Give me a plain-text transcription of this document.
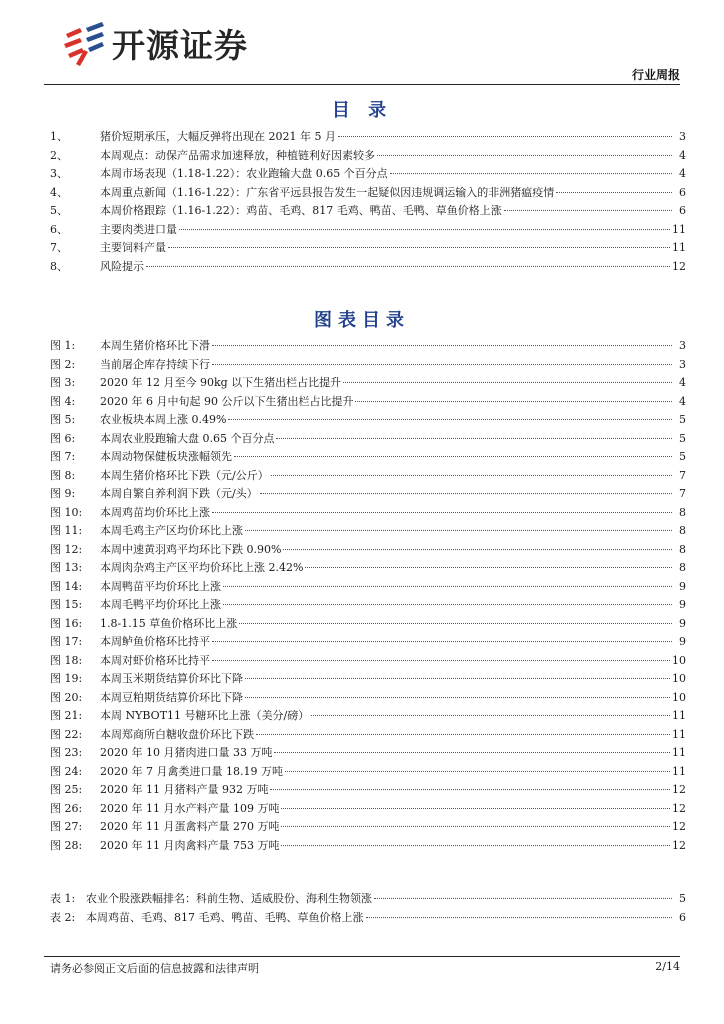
开源证券
行业周报
目 录
1、	猪价短期承压，大幅反弹将出现在 2021 年 5 月	3
2、	本周观点：动保产品需求加速释放，种植链利好因素较多	4
3、	本周市场表现（1.18-1.22）：农业跑输大盘 0.65 个百分点	4
4、	本周重点新闻（1.16-1.22）：广东省平远县报告发生一起疑似因违规调运输入的非洲猪瘟疫情	6
5、	本周价格跟踪（1.16-1.22）：鸡苗、毛鸡、817 毛鸡、鸭苗、毛鸭、草鱼价格上涨	6
6、	主要肉类进口量	11
7、	主要饲料产量	11
8、	风险提示	12
图表目录
图 1:	本周生猪价格环比下滑	3
图 2:	当前屠企库存持续下行	3
图 3:	2020 年 12 月至今 90kg 以下生猪出栏占比提升	4
图 4:	2020 年 6 月中旬起 90 公斤以下生猪出栏占比提升	4
图 5:	农业板块本周上涨 0.49%	5
图 6:	本周农业股跑输大盘 0.65 个百分点	5
图 7:	本周动物保健板块涨幅领先	5
图 8:	本周生猪价格环比下跌（元/公斤）	7
图 9:	本周自繁自养利润下跌（元/头）	7
图 10:	本周鸡苗均价环比上涨	8
图 11:	本周毛鸡主产区均价环比上涨	8
图 12:	本周中速黄羽鸡平均环比下跌 0.90%	8
图 13:	本周肉杂鸡主产区平均价环比上涨 2.42%	8
图 14:	本周鸭苗平均价环比上涨	9
图 15:	本周毛鸭平均价环比上涨	9
图 16:	1.8-1.15 草鱼价格环比上涨	9
图 17:	本周鲈鱼价格环比持平	9
图 18:	本周对虾价格环比持平	10
图 19:	本周玉米期货结算价环比下降	10
图 20:	本周豆粕期货结算价环比下降	10
图 21:	本周 NYBOT11 号糖环比上涨（美分/磅）	11
图 22:	本周郑商所白糖收盘价环比下跌	11
图 23:	2020 年 10 月猪肉进口量 33 万吨	11
图 24:	2020 年 7 月禽类进口量 18.19 万吨	11
图 25:	2020 年 11 月猪料产量 932 万吨	12
图 26:	2020 年 11 月水产料产量 109 万吨	12
图 27:	2020 年 11 月蛋禽料产量 270 万吨	12
图 28:	2020 年 11 月肉禽料产量 753 万吨	12
表 1: 农业个股涨跌幅排名：科前生物、适威股份、海利生物领涨	5
表 2: 本周鸡苗、毛鸡、817 毛鸡、鸭苗、毛鸭、草鱼价格上涨	6
请务必参阅正文后面的信息披露和法律声明	2/14
